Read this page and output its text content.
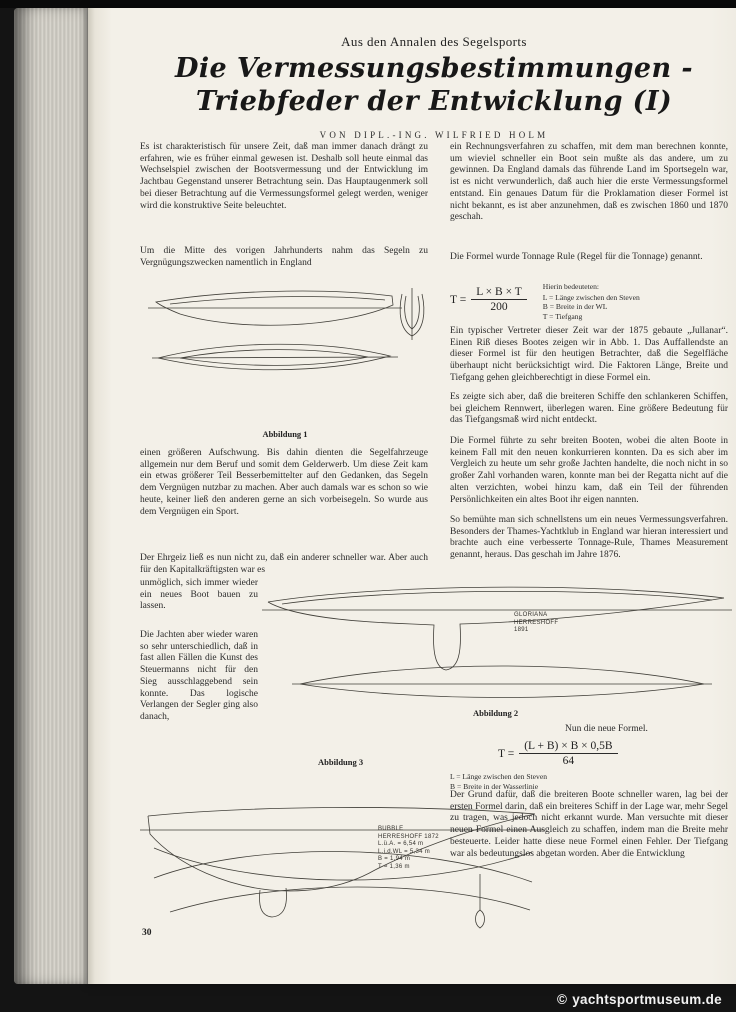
Aus den Annalen des Segelsports
Die Vermessungsbestimmungen -
Triebfeder der Entwicklung (I)
VON DIPL.-ING. WILFRIED HOLM
Abbildung 1
GLORIANA
HERRESHOFF
1891
Abbildung 2
Abbildung 3
BUBBLE
HERRESHOFF 1872
L.ü.A. = 6,54 m
L.i.d.WL = 5,34 m
B = 1,94 m
T = 1,36 m
Es ist charakteristisch für unsere Zeit, daß man immer danach drängt zu erfahren, wie es früher einmal gewesen ist. Deshalb soll heute einmal das Wechselspiel zwischen der Bootsvermessung und der Entwicklung im Jachtbau Gegenstand unserer Betrachtung sein. Das Hauptaugenmerk soll bei dieser Betrachtung auf die Vermessungsformel gelegt werden, weniger wird die konstruktive Seite beleuchtet.
Um die Mitte des vorigen Jahrhunderts nahm das Segeln zu Vergnügungszwecken namentlich in England
einen größeren Aufschwung. Bis dahin dienten die Segelfahrzeuge allgemein nur dem Beruf und somit dem Gelderwerb. Um diese Zeit kam ein etwas größerer Teil Besserbemittelter auf den Gedanken, das Segeln dem Vergnügen nutzbar zu machen. Aber auch damals war es schon so wie heute, keiner ließ den anderen gerne an sich vorbeisegeln. So wurde aus dem Vergnügen ein Sport.
Der Ehrgeiz ließ es nun nicht zu, daß ein anderer schneller war. Aber auch für den Kapitalkräftigsten war es
unmöglich, sich immer wieder ein neues Boot bauen zu lassen.
Die Jachten aber wieder waren so sehr unterschiedlich, daß in fast allen Fällen die Kunst des Steuermanns nicht für den Sieg ausschlaggebend sein konnte. Das logische Verlangen der Segler ging also danach,
ein Rechnungsverfahren zu schaffen, mit dem man berechnen konnte, um wieviel schneller ein Boot sein mußte als das andere, um zu gewinnen. Da England damals das führende Land im Sportsegeln war, ist es nicht verwunderlich, daß auch hier die erste Vermessungsformel entstand. Ein genaues Datum für die Proklamation dieser Formel ist nicht bekannt, es ist aber anzunehmen, daß es zwischen 1860 und 1870 geschah.
Die Formel wurde Tonnage Rule (Regel für die Tonnage) genannt.
$T = \frac{L \times B \times T}{200}$ Hierin bedeuteten:
L = Länge zwischen den Steven
B = Breite in der WL
T = Tiefgang
Ein typischer Vertreter dieser Zeit war der 1875 gebaute „Jullanar“. Einen Riß dieses Bootes zeigen wir in Abb. 1. Das Auffallendste an dieser Formel ist für den heutigen Betrachter, daß die Segelfläche überhaupt nicht berücksichtigt wird. Die Faktoren Länge, Breite und Tiefgang gehen gleichberechtigt in diese Formel ein.
Es zeigte sich aber, daß die breiteren Schiffe den schlankeren Schiffen, bei gleichem Rennwert, überlegen waren. Eine größere Bedeutung für das Tiefgangsmaß wird nicht entdeckt.
Die Formel führte zu sehr breiten Booten, wobei die alten Boote in keinem Fall mit den neuen konkurrieren konnten. Da es sich aber im Vergleich zu heute um sehr große Jachten handelte, die noch nicht in so großer Zahl vorhanden waren, konnte man bei der Regatta nicht auf die alten verzichten, wobei hinzu kam, daß ein Teil der führenden Persönlichkeiten ein altes Boot ihr eigen nannten.
So bemühte man sich schnellstens um ein neues Vermessungsverfahren. Besonders der Thames-Yachtklub in England war hieran interessiert und brachte auch eine verbesserte Tonnage-Rule, Thames Measurement genannt, heraus. Das geschah im Jahre 1876.
Nun die neue Formel.
$T = \frac{(L + B) \times B \times 0,5B}{64}$
L = Länge zwischen den Steven
B = Breite in der Wasserlinie
Der Grund dafür, daß die breiteren Boote schneller waren, lag bei der ersten Formel darin, daß ein breiteres Schiff in der Lage war, mehr Segel zu tragen, was jedoch nicht erkannt wurde. Man versuchte mit dieser neuen Formel einen Ausgleich zu schaffen, indem man die Breite mehr besteuerte. Leider hatte diese neue Formel einen Fehler. Der Tiefgang war als bedeutungslos abgetan worden. Aber die Entwicklung
30
© yachtsportmuseum.de
